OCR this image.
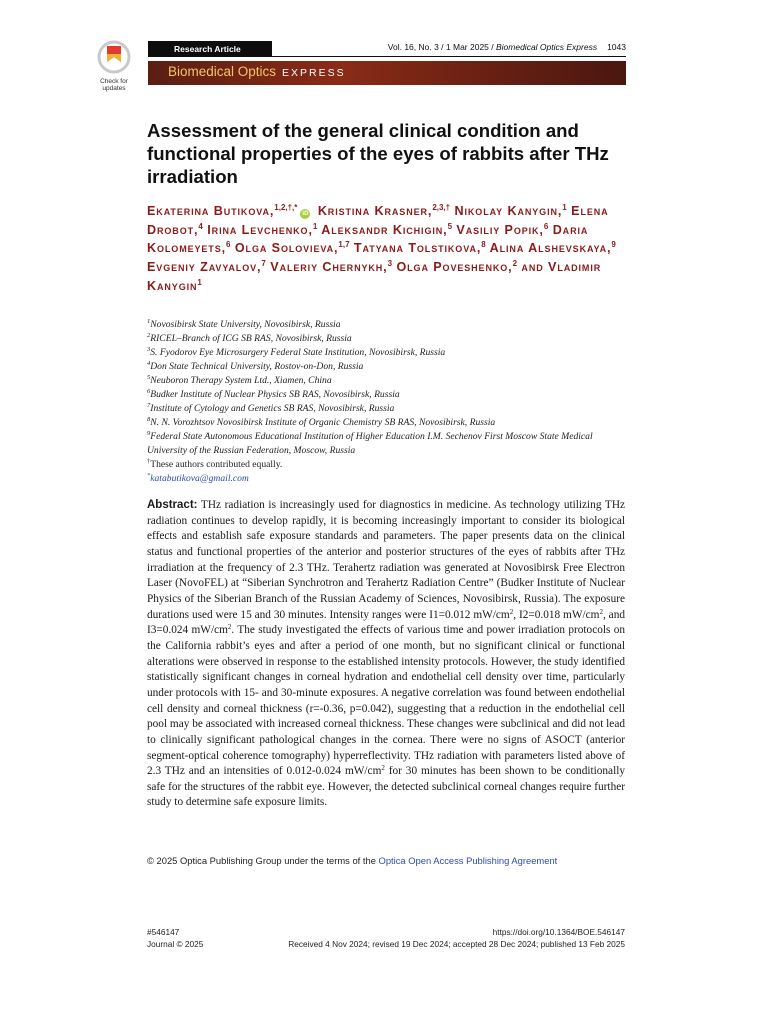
Check for
updates
Research Article	Vol. 16, No. 3 / 1 Mar 2025 / Biomedical Optics Express 1043
Biomedical Optics EXPRESS
Assessment of the general clinical condition and functional properties of the eyes of rabbits after THz irradiation
Ekaterina Butikova,$^{1,2,\dagger,*}$iD Kristina Krasner,$^{2,3,\dagger}$ Nikolay Kanygin,$^1$ Elena Drobot,$^4$ Irina Levchenko,$^1$ Aleksandr Kichigin,$^5$ Vasiliy Popik,$^6$ Daria Kolomeyets,$^6$ Olga Solovieva,$^{1,7}$ Tatyana Tolstikova,$^8$ Alina Alshevskaya,$^9$ Evgeniy Zavyalov,$^7$ Valeriy Chernykh,$^3$ Olga Poveshenko,$^2$ and Vladimir Kanygin$^1$
$^1$Novosibirsk State University, Novosibirsk, Russia
$^2$RICEL–Branch of ICG SB RAS, Novosibirsk, Russia
$^3$S. Fyodorov Eye Microsurgery Federal State Institution, Novosibirsk, Russia
$^4$Don State Technical University, Rostov-on-Don, Russia
$^5$Neuboron Therapy System Ltd., Xiamen, China
$^6$Budker Institute of Nuclear Physics SB RAS, Novosibirsk, Russia
$^7$Institute of Cytology and Genetics SB RAS, Novosibirsk, Russia
$^8$N. N. Vorozhtsov Novosibirsk Institute of Organic Chemistry SB RAS, Novosibirsk, Russia
$^9$Federal State Autonomous Educational Institution of Higher Education I.M. Sechenov First Moscow State Medical University of the Russian Federation, Moscow, Russia
†These authors contributed equally.
*katabutikova@gmail.com
Abstract: THz radiation is increasingly used for diagnostics in medicine. As technology utilizing THz radiation continues to develop rapidly, it is becoming increasingly important to consider its biological effects and establish safe exposure standards and parameters. The paper presents data on the clinical status and functional properties of the anterior and posterior structures of the eyes of rabbits after THz irradiation at the frequency of 2.3 THz. Terahertz radiation was generated at Novosibirsk Free Electron Laser (NovoFEL) at “Siberian Synchrotron and Terahertz Radiation Centre” (Budker Institute of Nuclear Physics of the Siberian Branch of the Russian Academy of Sciences, Novosibirsk, Russia). The exposure durations used were 15 and 30 minutes. Intensity ranges were I1=0.012 $mW/cm^2$, I2=0.018 $mW/cm^2$, and I3=0.024 $mW/cm^2$. The study investigated the effects of various time and power irradiation protocols on the California rabbit’s eyes and after a period of one month, but no significant clinical or functional alterations were observed in response to the established intensity protocols. However, the study identified statistically significant changes in corneal hydration and endothelial cell density over time, particularly under protocols with 15- and 30-minute exposures. A negative correlation was found between endothelial cell density and corneal thickness (r=-0.36, p=0.042), suggesting that a reduction in the endothelial cell pool may be associated with increased corneal thickness. These changes were subclinical and did not lead to clinically significant pathological changes in the cornea. There were no signs of ASOCT (anterior segment-optical coherence tomography) hyperreflectivity. THz radiation with parameters listed above of 2.3 THz and an intensities of 0.012-0.024 $mW/cm^2$ for 30 minutes has been shown to be conditionally safe for the structures of the rabbit eye. However, the detected subclinical corneal changes require further study to determine safe exposure limits.
© 2025 Optica Publishing Group under the terms of the Optica Open Access Publishing Agreement
#546147	https://doi.org/10.1364/BOE.546147
Journal © 2025	Received 4 Nov 2024; revised 19 Dec 2024; accepted 28 Dec 2024; published 13 Feb 2025
